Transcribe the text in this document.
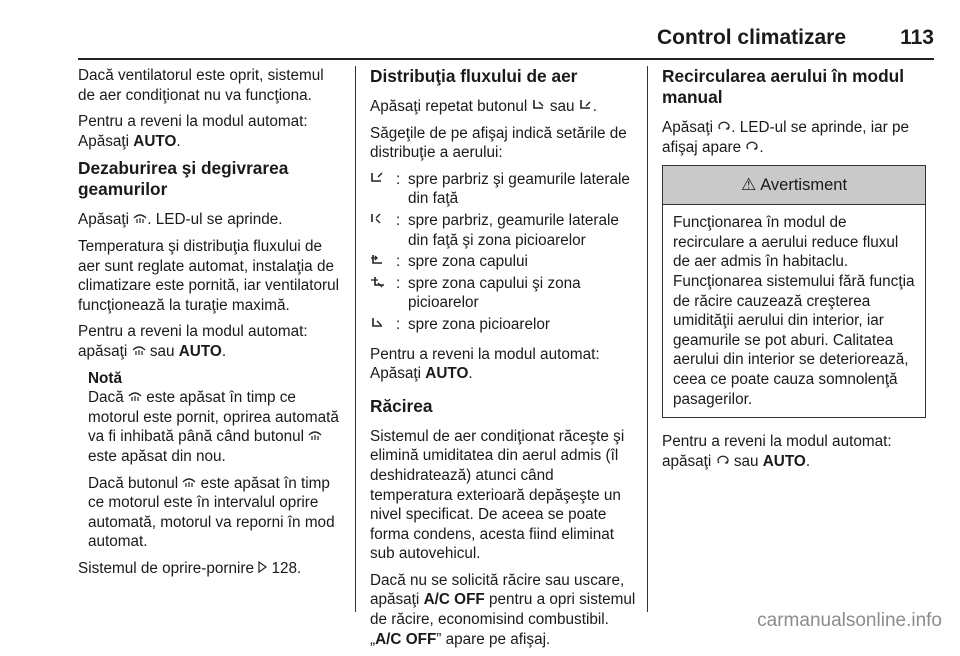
Control climatizare	113

Dacă ventilatorul este oprit, sistemul de aer condiţionat nu va funcţiona.

Pentru a reveni la modul automat: Apăsaţi AUTO.

Dezaburirea şi degivrarea geamurilor

Apăsaţi . LED-ul se aprinde.

Temperatura şi distribuţia fluxului de aer sunt reglate automat, instalaţia de climatizare este pornită, iar ventilatorul funcţionează la turaţie maximă.

Pentru a reveni la modul automat: apăsaţi  sau AUTO.

Notă

Dacă  este apăsat în timp ce motorul este pornit, oprirea automată va fi inhibată până când butonul  este apăsat din nou.

Dacă butonul  este apăsat în timp ce motorul este în intervalul oprire automată, motorul va reporni în mod automat.

Sistemul de oprire-pornire  128.

Distribuţia fluxului de aer

Apăsaţi repetat butonul  sau .

Săgeţile de pe afişaj indică setările de distribuţie a aerului:

: spre parbriz şi geamurile laterale din faţă
: spre parbriz, geamurile laterale din faţă şi zona picioarelor
: spre zona capului
: spre zona capului şi zona picioarelor
: spre zona picioarelor

Pentru a reveni la modul automat: Apăsaţi AUTO.

Răcirea

Sistemul de aer condiţionat răceşte şi elimină umiditatea din aerul admis (îl deshidratează) atunci când temperatura exterioară depăşeşte un nivel specificat. De aceea se poate forma condens, acesta fiind eliminat sub autovehicul.

Dacă nu se solicită răcire sau uscare, apăsaţi A/C OFF pentru a opri sistemul de răcire, economisind combustibil. „A/C OFF” apare pe afişaj.

Recircularea aerului în modul manual

Apăsaţi . LED-ul se aprinde, iar pe afişaj apare .

⚠ Avertisment

Funcţionarea în modul de recirculare a aerului reduce fluxul de aer admis în habitaclu. Funcţionarea sistemului fără funcţia de răcire cauzează creşterea umidităţii aerului din interior, iar geamurile se pot aburi. Calitatea aerului din interior se deteriorează, ceea ce poate cauza somnolenţă pasagerilor.

Pentru a reveni la modul automat: apăsaţi  sau AUTO.

carmanualsonline.info
